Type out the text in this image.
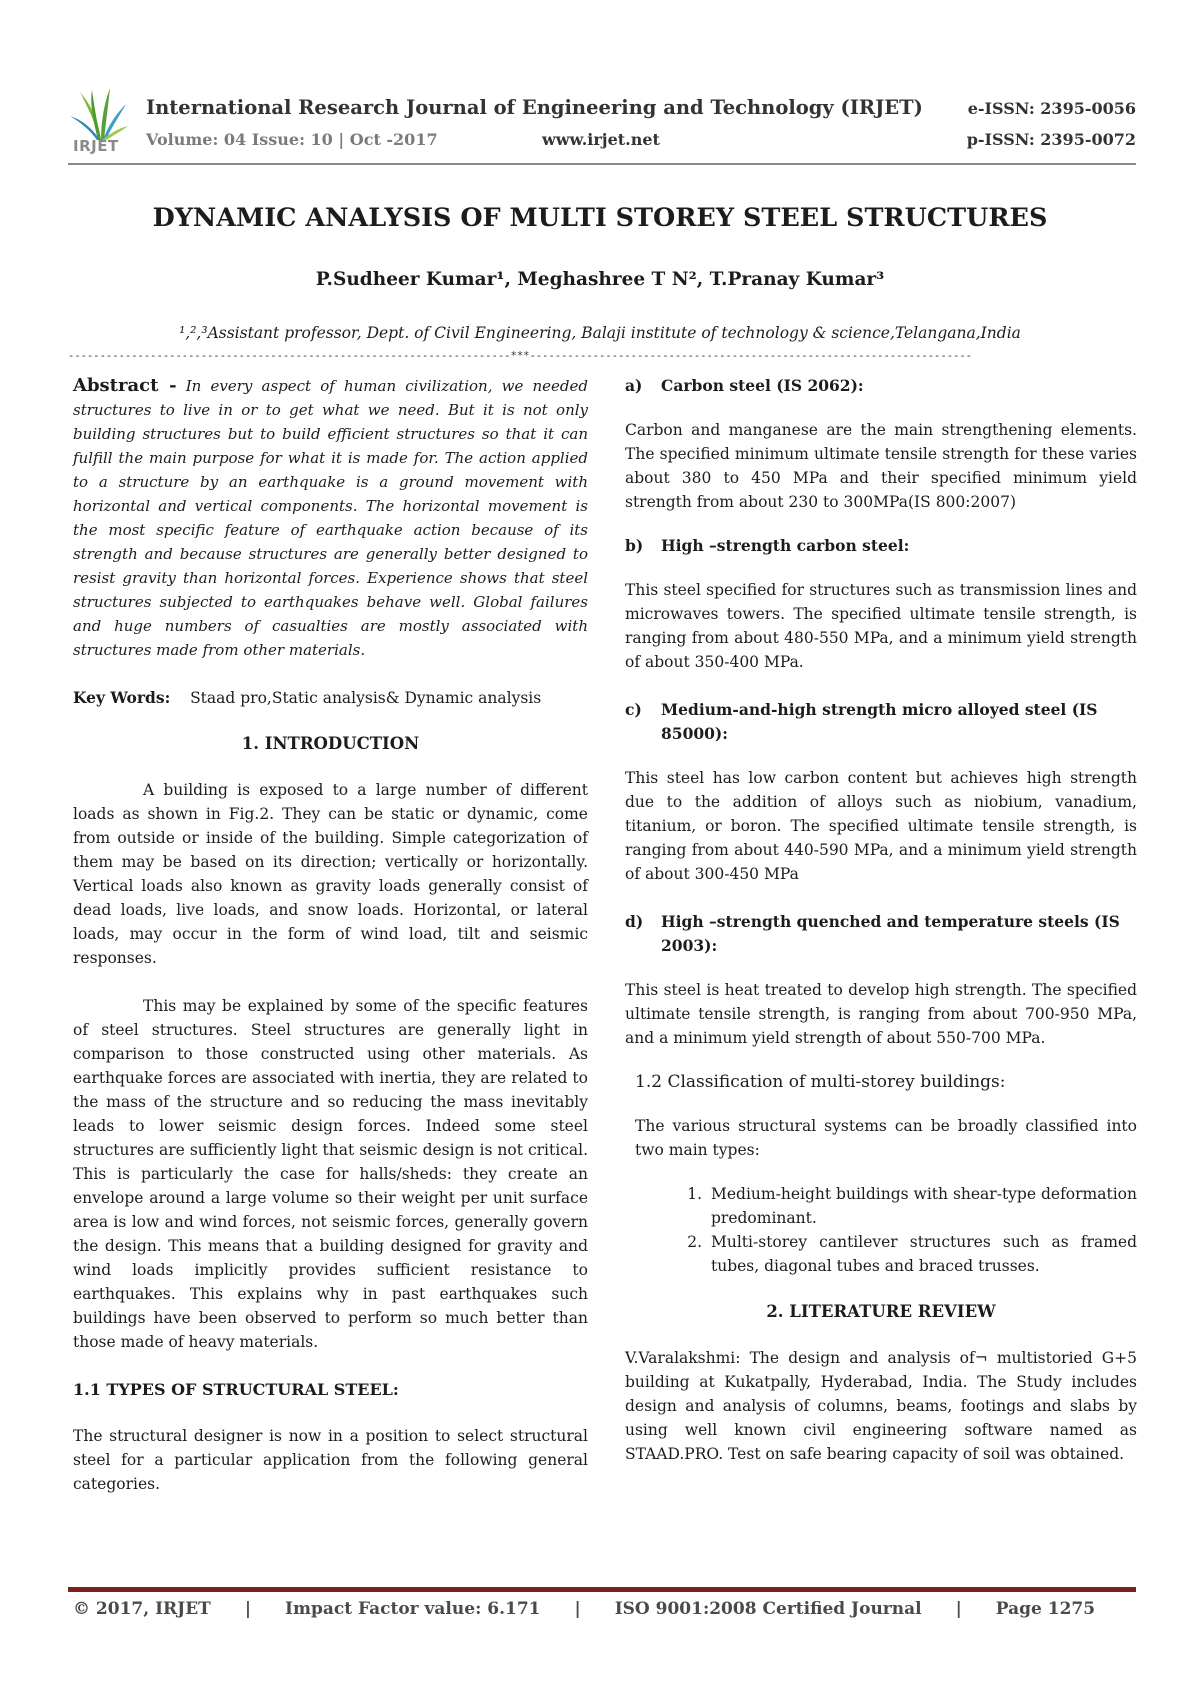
IRJET
International Research Journal of Engineering and Technology (IRJET)
Volume: 04 Issue: 10 | Oct -2017	www.irjet.net
e-ISSN: 2395-0056
p-ISSN: 2395-0072
DYNAMIC ANALYSIS OF MULTI STOREY STEEL STRUCTURES
P.Sudheer Kumar¹, Meghashree T N², T.Pranay Kumar³
¹,²,³Assistant professor, Dept. of Civil Engineering, Balaji institute of technology & science,Telangana,India
----------------------------------------------------------------------***----------------------------------------------------------------------

Abstract - In every aspect of human civilization, we needed structures to live in or to get what we need. But it is not only building structures but to build efficient structures so that it can fulfill the main purpose for what it is made for. The action applied to a structure by an earthquake is a ground movement with horizontal and vertical components. The horizontal movement is the most specific feature of earthquake action because of its strength and because structures are generally better designed to resist gravity than horizontal forces. Experience shows that steel structures subjected to earthquakes behave well. Global failures and huge numbers of casualties are mostly associated with structures made from other materials.

Key Words: Staad pro,Static analysis& Dynamic analysis

1. INTRODUCTION

A building is exposed to a large number of different loads as shown in Fig.2. They can be static or dynamic, come from outside or inside of the building. Simple categorization of them may be based on its direction; vertically or horizontally. Vertical loads also known as gravity loads generally consist of dead loads, live loads, and snow loads. Horizontal, or lateral loads, may occur in the form of wind load, tilt and seismic responses.

This may be explained by some of the specific features of steel structures. Steel structures are generally light in comparison to those constructed using other materials. As earthquake forces are associated with inertia, they are related to the mass of the structure and so reducing the mass inevitably leads to lower seismic design forces. Indeed some steel structures are sufficiently light that seismic design is not critical. This is particularly the case for halls/sheds: they create an envelope around a large volume so their weight per unit surface area is low and wind forces, not seismic forces, generally govern the design. This means that a building designed for gravity and wind loads implicitly provides sufficient resistance to earthquakes. This explains why in past earthquakes such buildings have been observed to perform so much better than those made of heavy materials.

1.1 TYPES OF STRUCTURAL STEEL:

The structural designer is now in a position to select structural steel for a particular application from the following general categories.

a) Carbon steel (IS 2062):

Carbon and manganese are the main strengthening elements. The specified minimum ultimate tensile strength for these varies about 380 to 450 MPa and their specified minimum yield strength from about 230 to 300MPa(IS 800:2007)

b) High –strength carbon steel:

This steel specified for structures such as transmission lines and microwaves towers. The specified ultimate tensile strength, is ranging from about 480-550 MPa, and a minimum yield strength of about 350-400 MPa.

c) Medium-and-high strength micro alloyed steel (IS 85000):

This steel has low carbon content but achieves high strength due to the addition of alloys such as niobium, vanadium, titanium, or boron. The specified ultimate tensile strength, is ranging from about 440-590 MPa, and a minimum yield strength of about 300-450 MPa

d) High –strength quenched and temperature steels (IS 2003):

This steel is heat treated to develop high strength. The specified ultimate tensile strength, is ranging from about 700-950 MPa, and a minimum yield strength of about 550-700 MPa.

1.2 Classification of multi-storey buildings:

The various structural systems can be broadly classified into two main types:

1. Medium-height buildings with shear-type deformation predominant.
2. Multi-storey cantilever structures such as framed tubes, diagonal tubes and braced trusses.
2. LITERATURE REVIEW

V.Varalakshmi: The design and analysis of¬ multistoried G+5 building at Kukatpally, Hyderabad, India. The Study includes design and analysis of columns, beams, footings and slabs by using well known civil engineering software named as STAAD.PRO. Test on safe bearing capacity of soil was obtained.

© 2017, IRJET | Impact Factor value: 6.171 | ISO 9001:2008 Certified Journal | Page 1275
